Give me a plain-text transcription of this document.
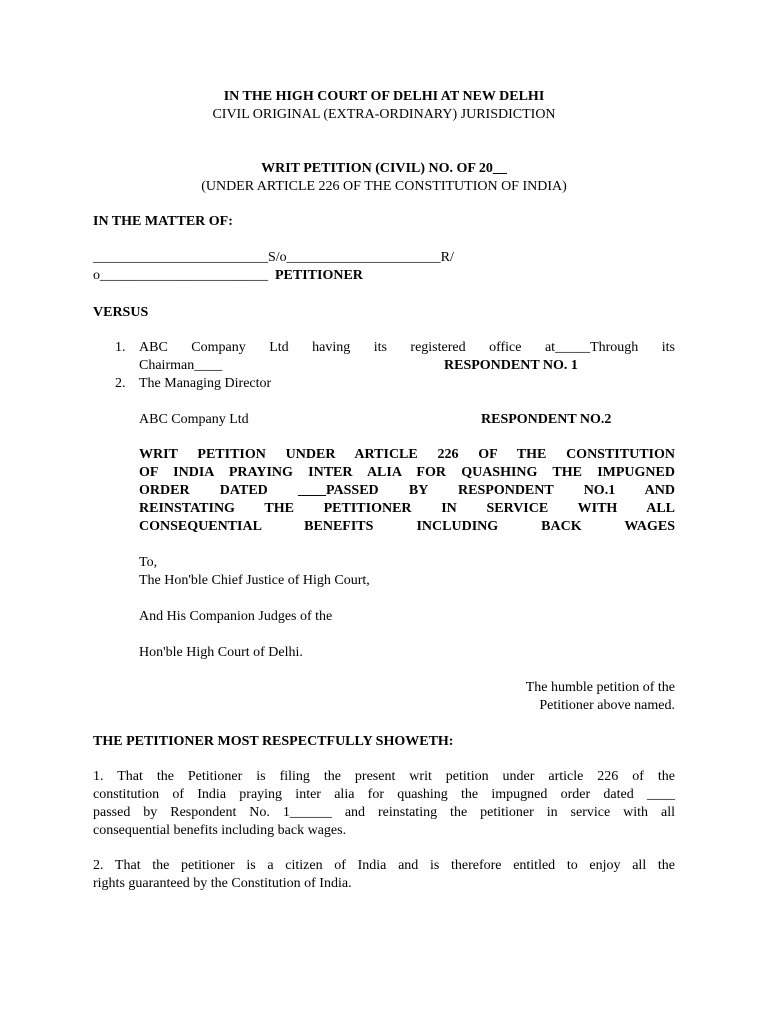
IN THE HIGH COURT OF DELHI AT NEW DELHI
CIVIL ORIGINAL (EXTRA-ORDINARY) JURISDICTION
WRIT PETITION (CIVIL) NO. OF 20__
(UNDER ARTICLE 226 OF THE CONSTITUTION OF INDIA)
IN THE MATTER OF:
_________________________S/o______________________R/
o________________________ PETITIONER
VERSUS
1. ABC Company Ltd having its registered office at_____Through its
Chairman____	RESPONDENT NO. 1
2. The Managing Director
ABC Company Ltd	RESPONDENT NO.2
WRIT PETITION UNDER ARTICLE 226 OF THE CONSTITUTION
OF INDIA PRAYING INTER ALIA FOR QUASHING THE IMPUGNED
ORDER DATED ____PASSED BY RESPONDENT NO.1 AND
REINSTATING THE PETITIONER IN SERVICE WITH ALL
CONSEQUENTIAL BENEFITS INCLUDING BACK WAGES
To,
The Hon'ble Chief Justice of High Court,
And His Companion Judges of the
Hon'ble High Court of Delhi.
The humble petition of the
Petitioner above named.
THE PETITIONER MOST RESPECTFULLY SHOWETH:
1. That the Petitioner is filing the present writ petition under article 226 of the
constitution of India praying inter alia for quashing the impugned order dated ____
passed by Respondent No. 1______ and reinstating the petitioner in service with all
consequential benefits including back wages.
2. That the petitioner is a citizen of India and is therefore entitled to enjoy all the
rights guaranteed by the Constitution of India.
